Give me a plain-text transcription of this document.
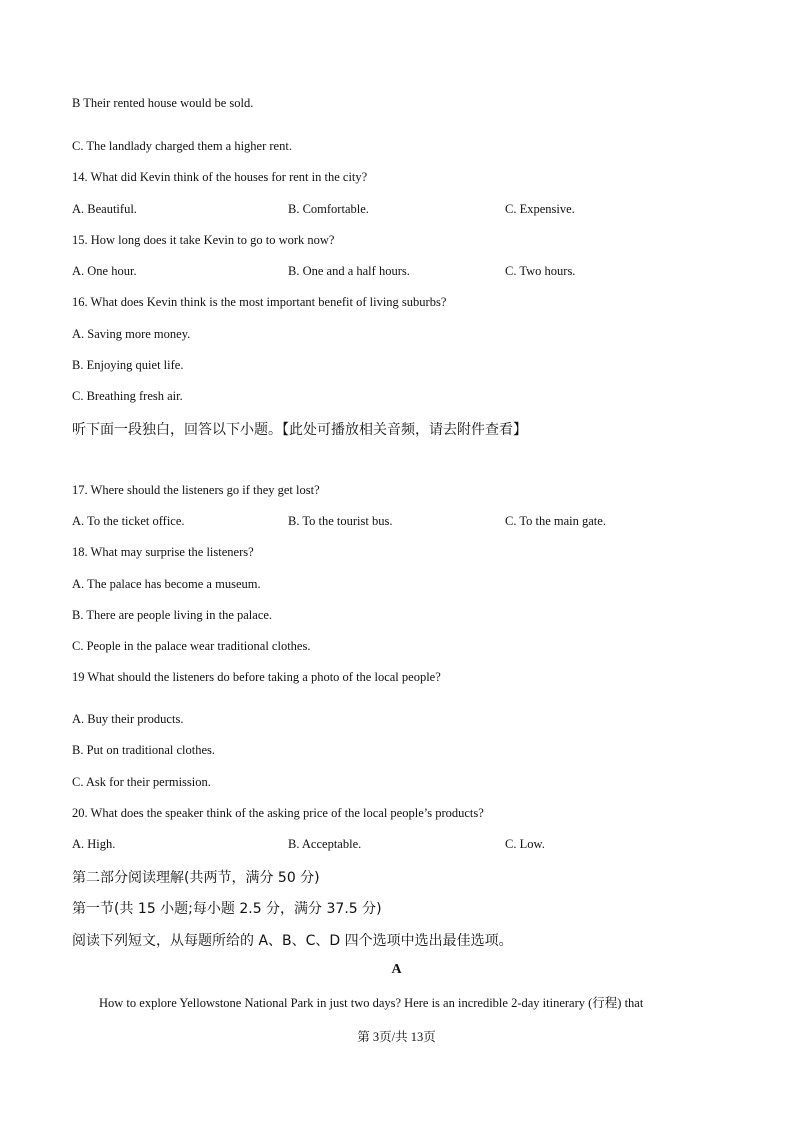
B Their rented house would be sold.
C. The landlady charged them a higher rent.
14. What did Kevin think of the houses for rent in the city?
A. Beautiful.	B. Comfortable.	C. Expensive.
15. How long does it take Kevin to go to work now?
A. One hour.	B. One and a half hours.	C. Two hours.
16. What does Kevin think is the most important benefit of living suburbs?
A. Saving more money.
B. Enjoying quiet life.
C. Breathing fresh air.
听下面一段独白，回答以下小题。【此处可播放相关音频，请去附件查看】
17. Where should the listeners go if they get lost?
A. To the ticket office.	B. To the tourist bus.	C. To the main gate.
18. What may surprise the listeners?
A. The palace has become a museum.
B. There are people living in the palace.
C. People in the palace wear traditional clothes.
19 What should the listeners do before taking a photo of the local people?
A. Buy their products.
B. Put on traditional clothes.
C. Ask for their permission.
20. What does the speaker think of the asking price of the local people’s products?
A. High.	B. Acceptable.	C. Low.
第二部分阅读理解(共两节，满分 50 分)
第一节(共 15 小题;每小题 2.5 分，满分 37.5 分)
阅读下列短文，从每题所给的 A、B、C、D 四个选项中选出最佳选项。
A
How to explore Yellowstone National Park in just two days? Here is an incredible 2-day itinerary (行程) that
第 3页/共 13页
